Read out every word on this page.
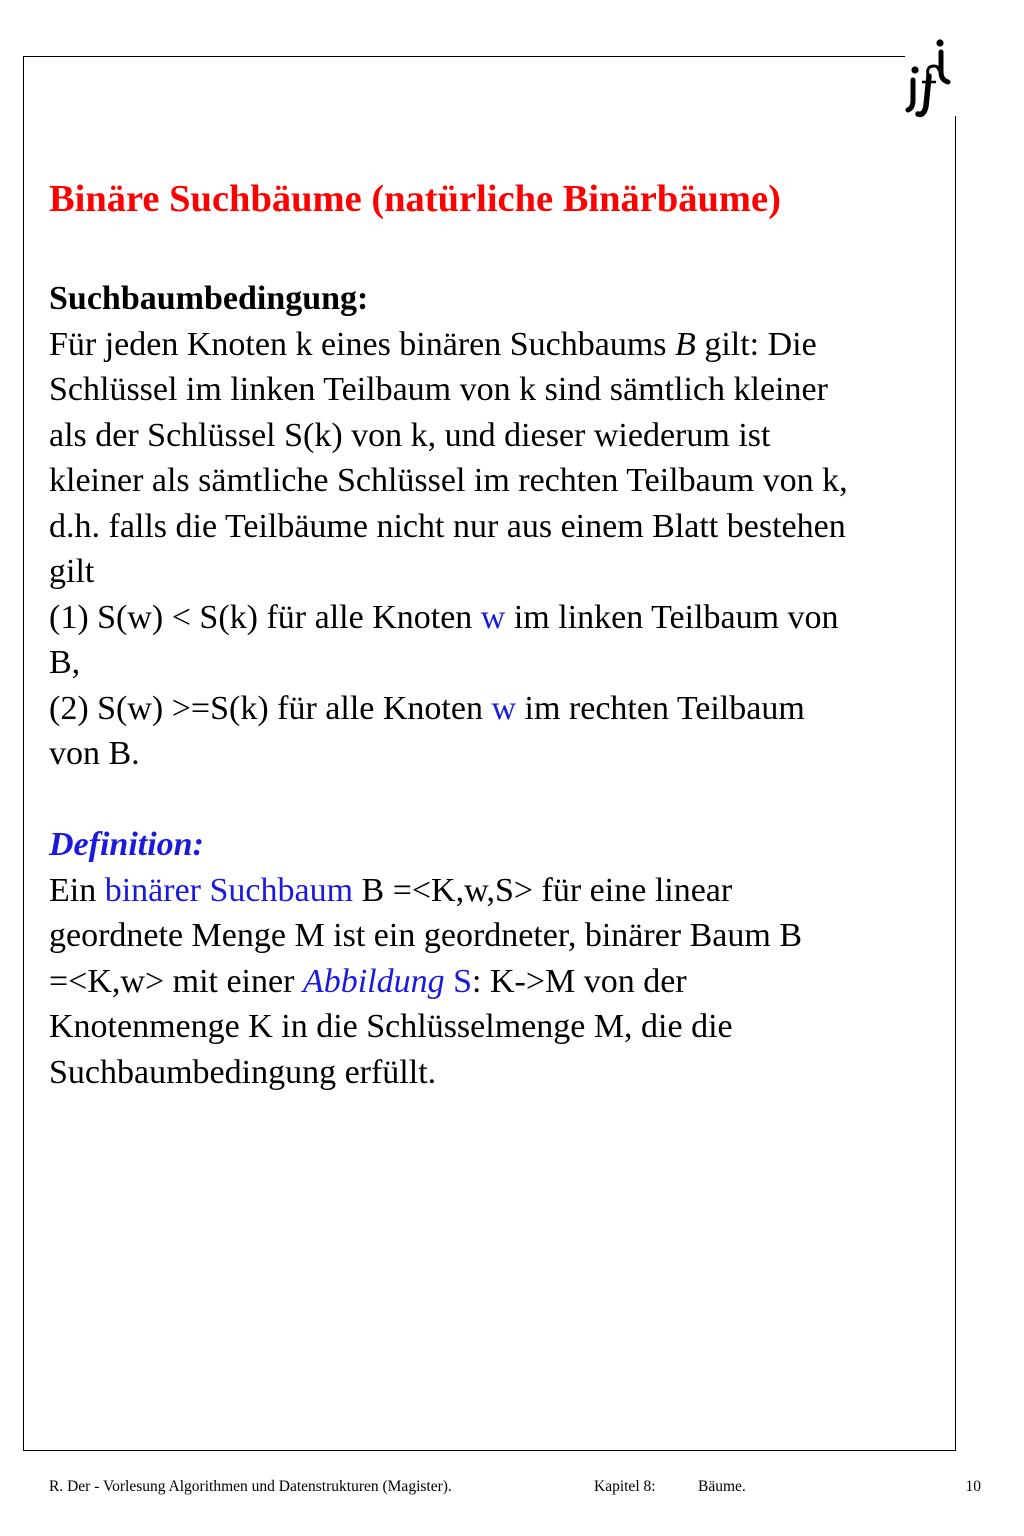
Binäre Suchbäume (natürliche Binärbäume)
Suchbaumbedingung:
Für jeden Knoten k eines binären Suchbaums B gilt: Die
Schlüssel im linken Teilbaum von k sind sämtlich kleiner
als der Schlüssel S(k) von k, und dieser wiederum ist
kleiner als sämtliche Schlüssel im rechten Teilbaum von k,
d.h. falls die Teilbäume nicht nur aus einem Blatt bestehen
gilt
(1) S(w) < S(k) für alle Knoten w im linken Teilbaum von
B,
(2) S(w) >=S(k) für alle Knoten w im rechten Teilbaum
von B.
Definition:
Ein binärer Suchbaum B =<K,w,S> für eine linear
geordnete Menge M ist ein geordneter, binärer Baum B
=<K,w> mit einer Abbildung S: K->M von der
Knotenmenge K in die Schlüsselmenge M, die die
Suchbaumbedingung erfüllt.
R. Der - Vorlesung Algorithmen und Datenstrukturen (Magister).	Kapitel 8:	Bäume.	10
